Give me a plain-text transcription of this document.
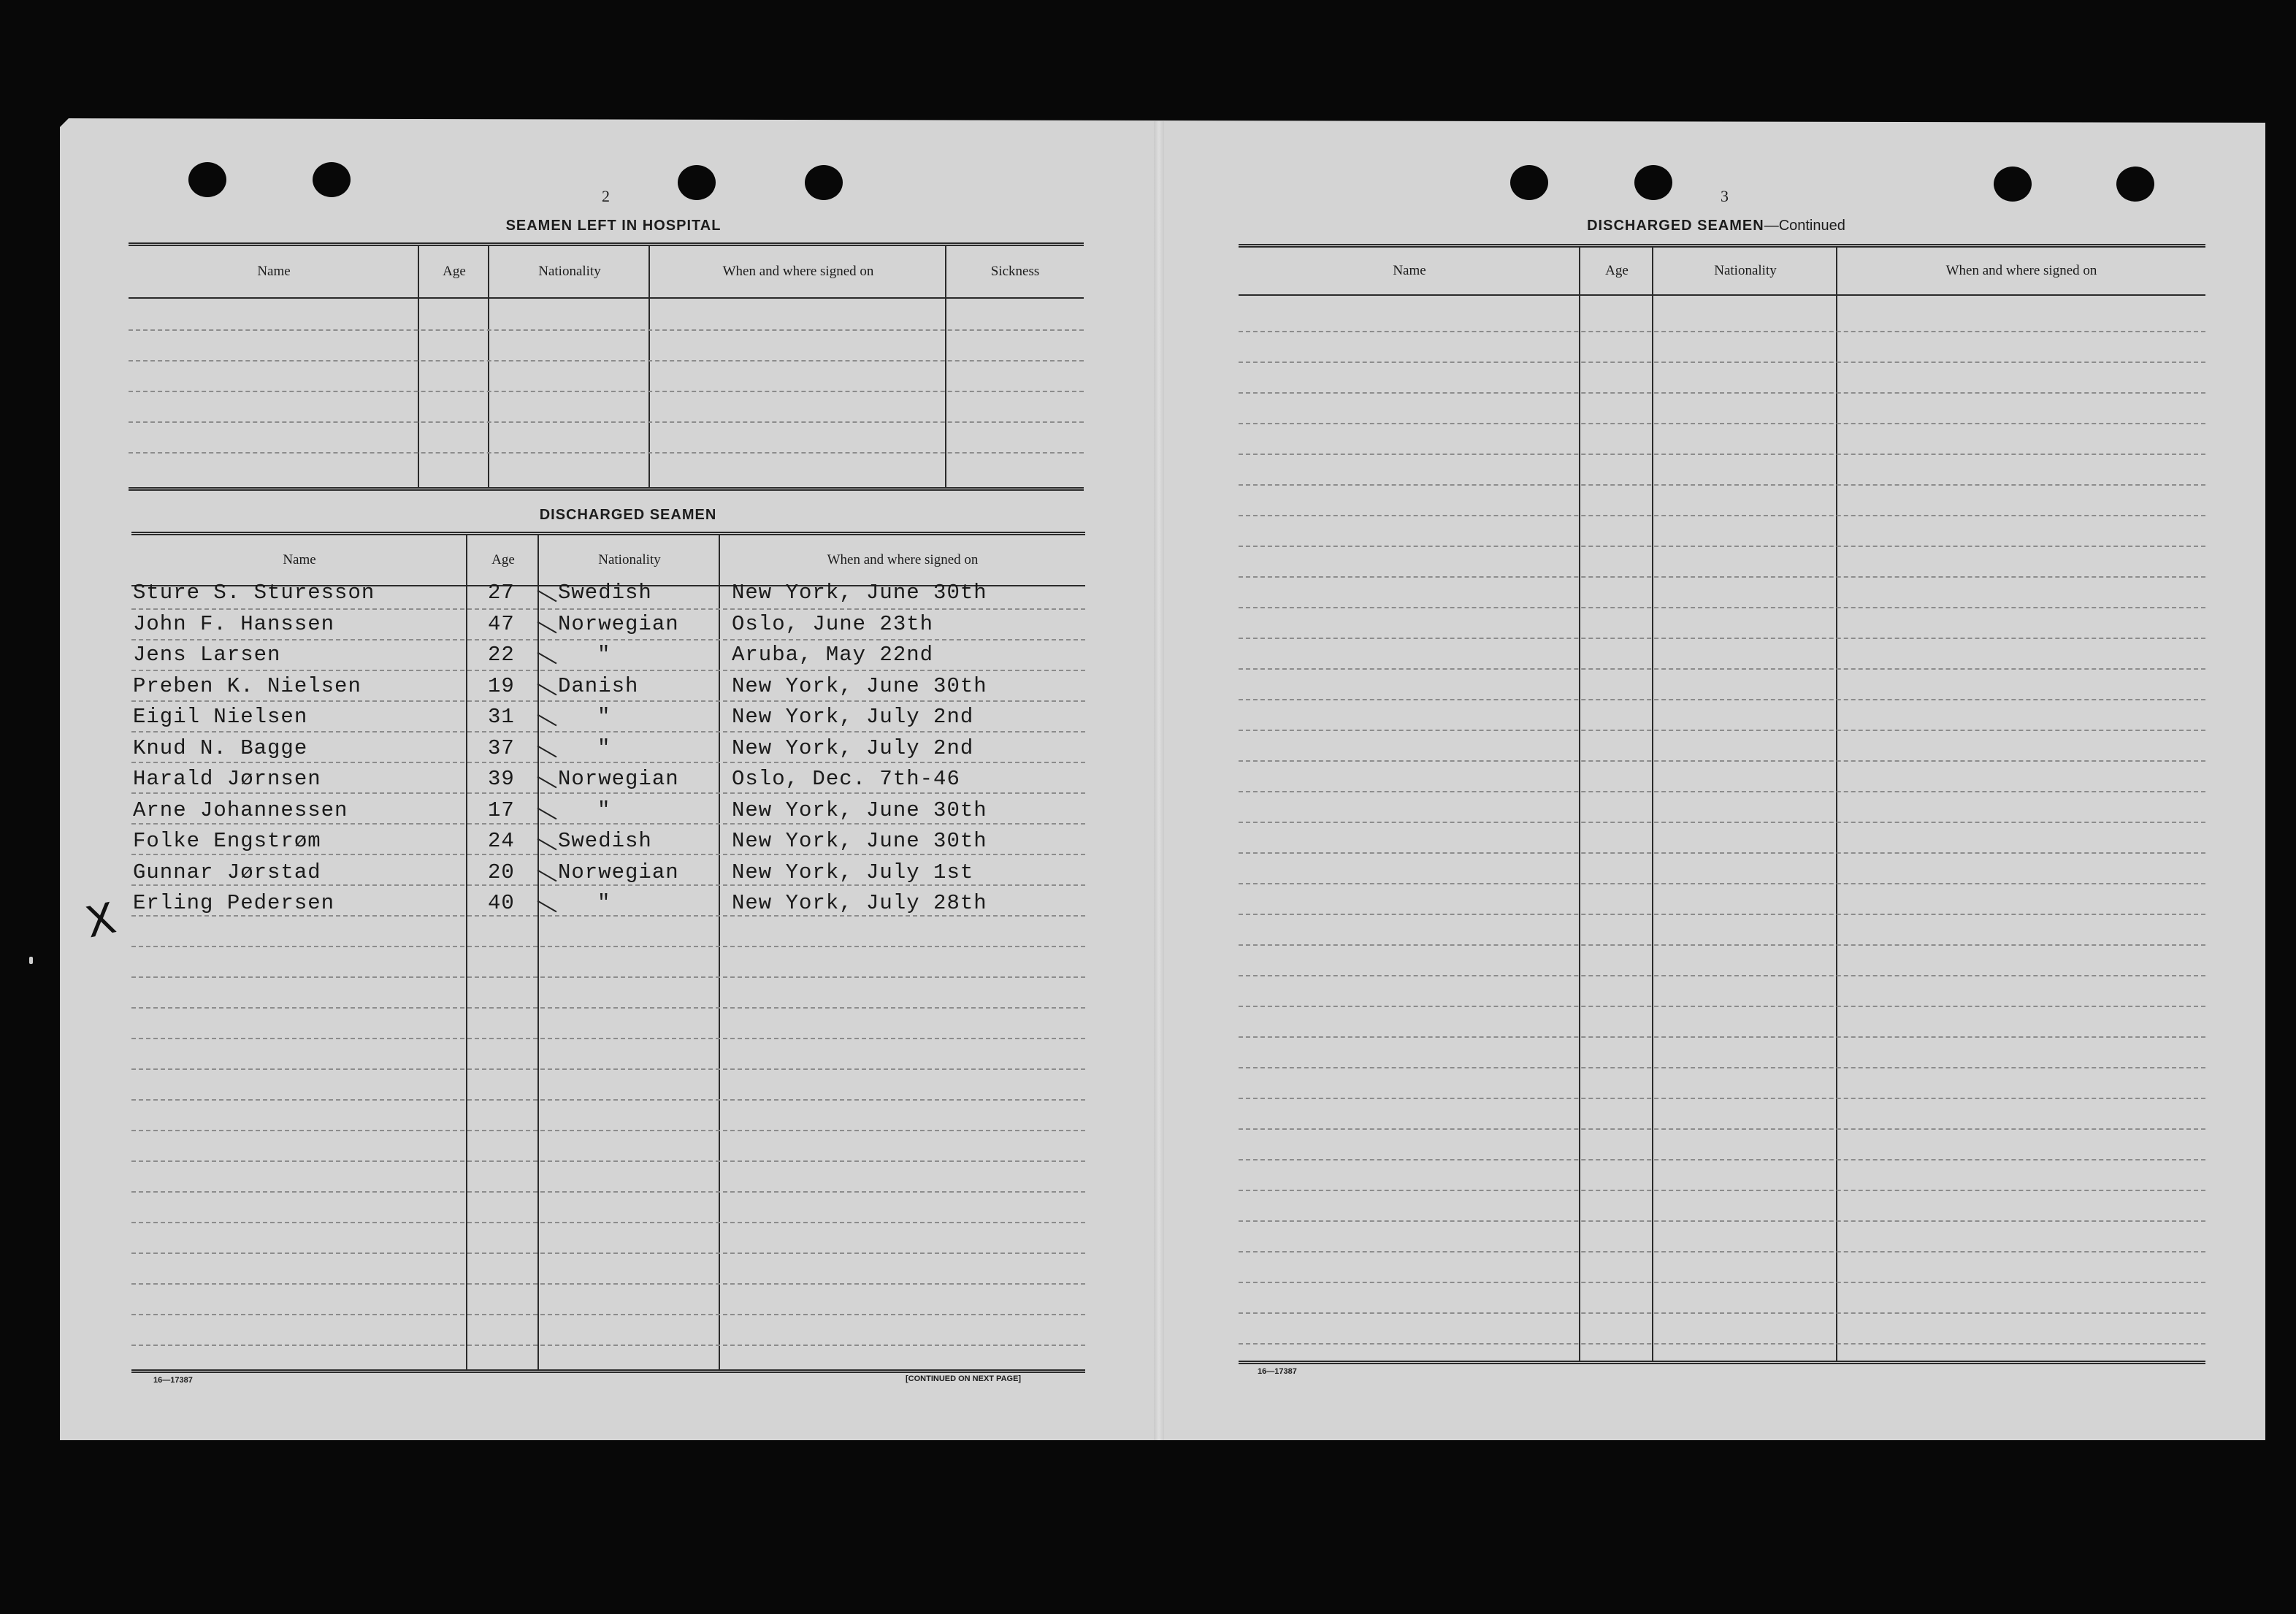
2
SEAMEN LEFT IN HOSPITAL
Name	Age	Nationality	When and where signed on	Sickness
DISCHARGED SEAMEN
Name	Age	Nationality	When and where signed on
Sture S. Sturesson	27 Swedish	New York, June 30th
John F. Hanssen	47 Norwegian Oslo, June 23th
Jens Larsen	22	"	Aruba, May 22nd
Preben K. Nielsen	19 Danish	New York, June 30th
Eigil Nielsen	31	"	New York, July 2nd
Knud N. Bagge	37	"	New York, July 2nd
Harald Jørnsen	39 Norwegian Oslo, Dec. 7th-46
Arne Johannessen	17	"	New York, June 30th
Folke Engstrøm	24 Swedish	New York, June 30th
Gunnar Jørstad	20 Norwegian New York, July 1st
Erling Pedersen	40	"	New York, July 28th
X
16—17387	[CONTINUED ON NEXT PAGE]
3
DISCHARGED SEAMEN—Continued
Name	Age	Nationality	When and where signed on
16—17387
